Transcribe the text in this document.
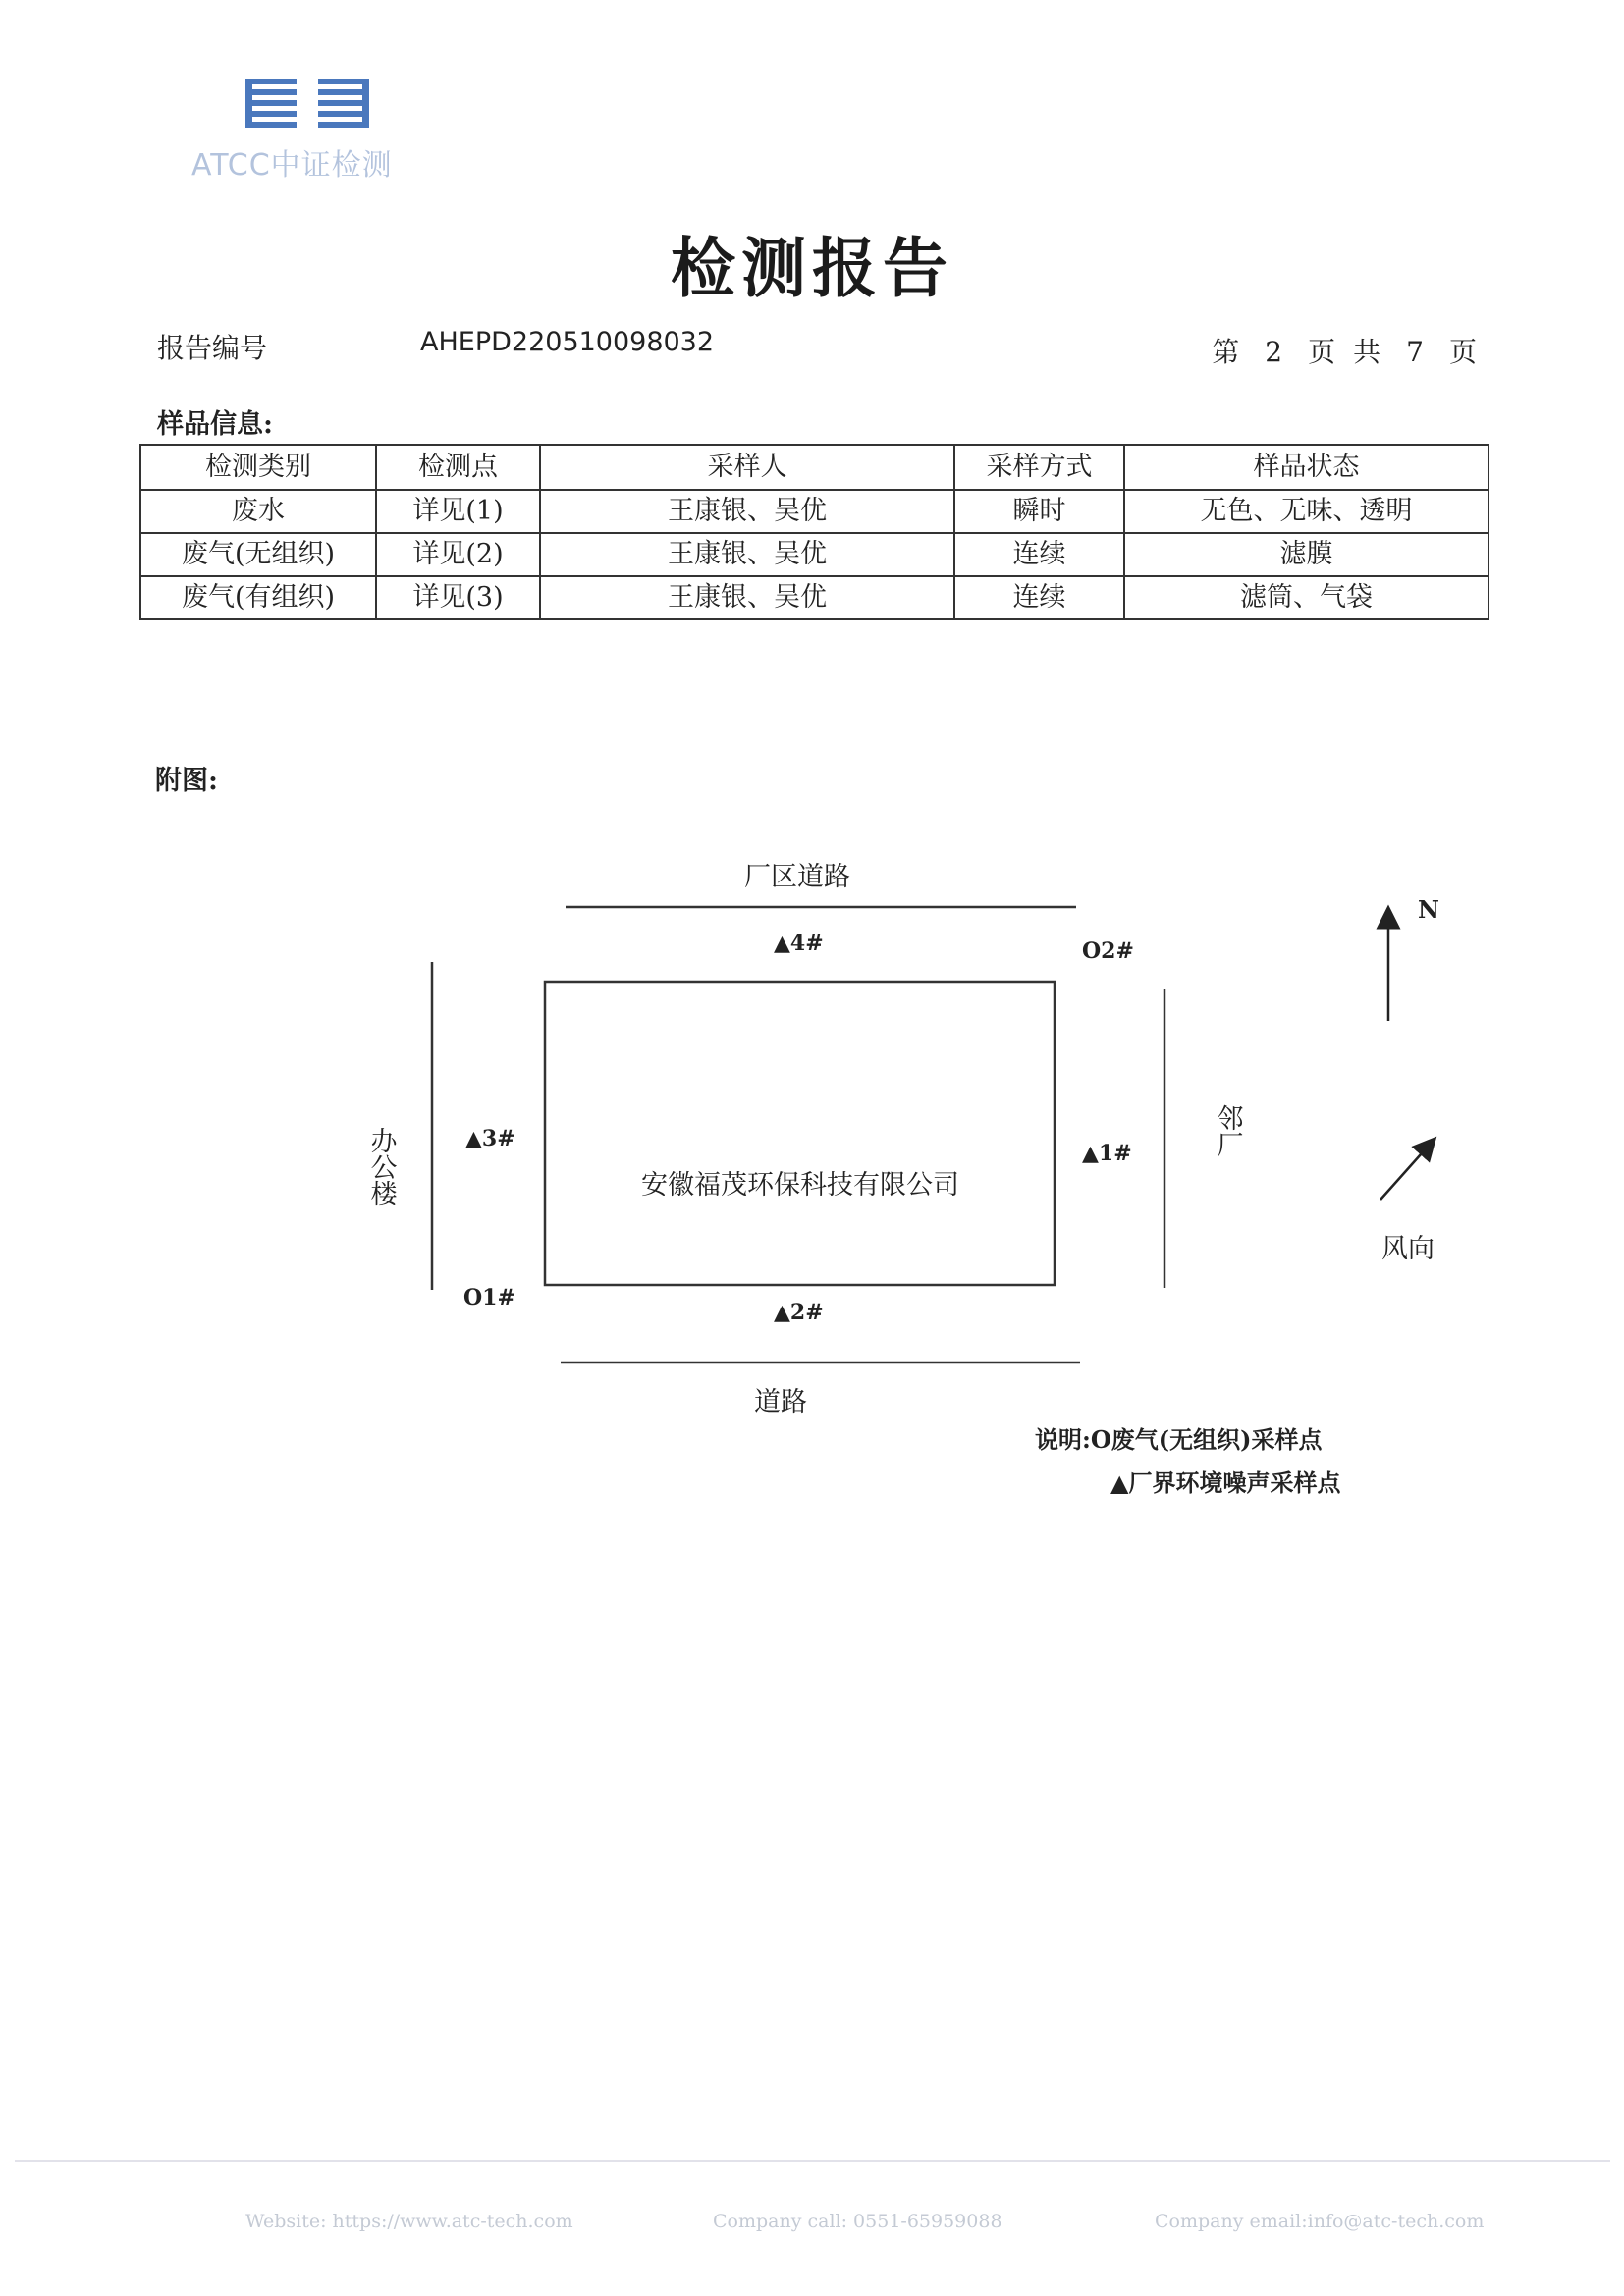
ATCC中证检测
检测报告
报告编号	AHEPD220510098032	第 2 页 共 7 页
样品信息:
检测类别	检测点	采样人	采样方式	样品状态
废水	详见(1)	王康银、吴优	瞬时	无色、无味、透明
废气(无组织)	详见(2)	王康银、吴优	连续	滤膜
废气(有组织)	详见(3)	王康银、吴优	连续	滤筒、气袋
附图:
厂区道路
道路
办公楼	邻厂
安徽福茂环保科技有限公司
▲4#
▲3#
▲1#
▲2#
O2#
O1#
N
风向
说明:O废气(无组织)采样点
▲厂界环境噪声采样点
Website: https://www.atc-tech.com	Company call: 0551-65959088	Company email:info@atc-tech.com
